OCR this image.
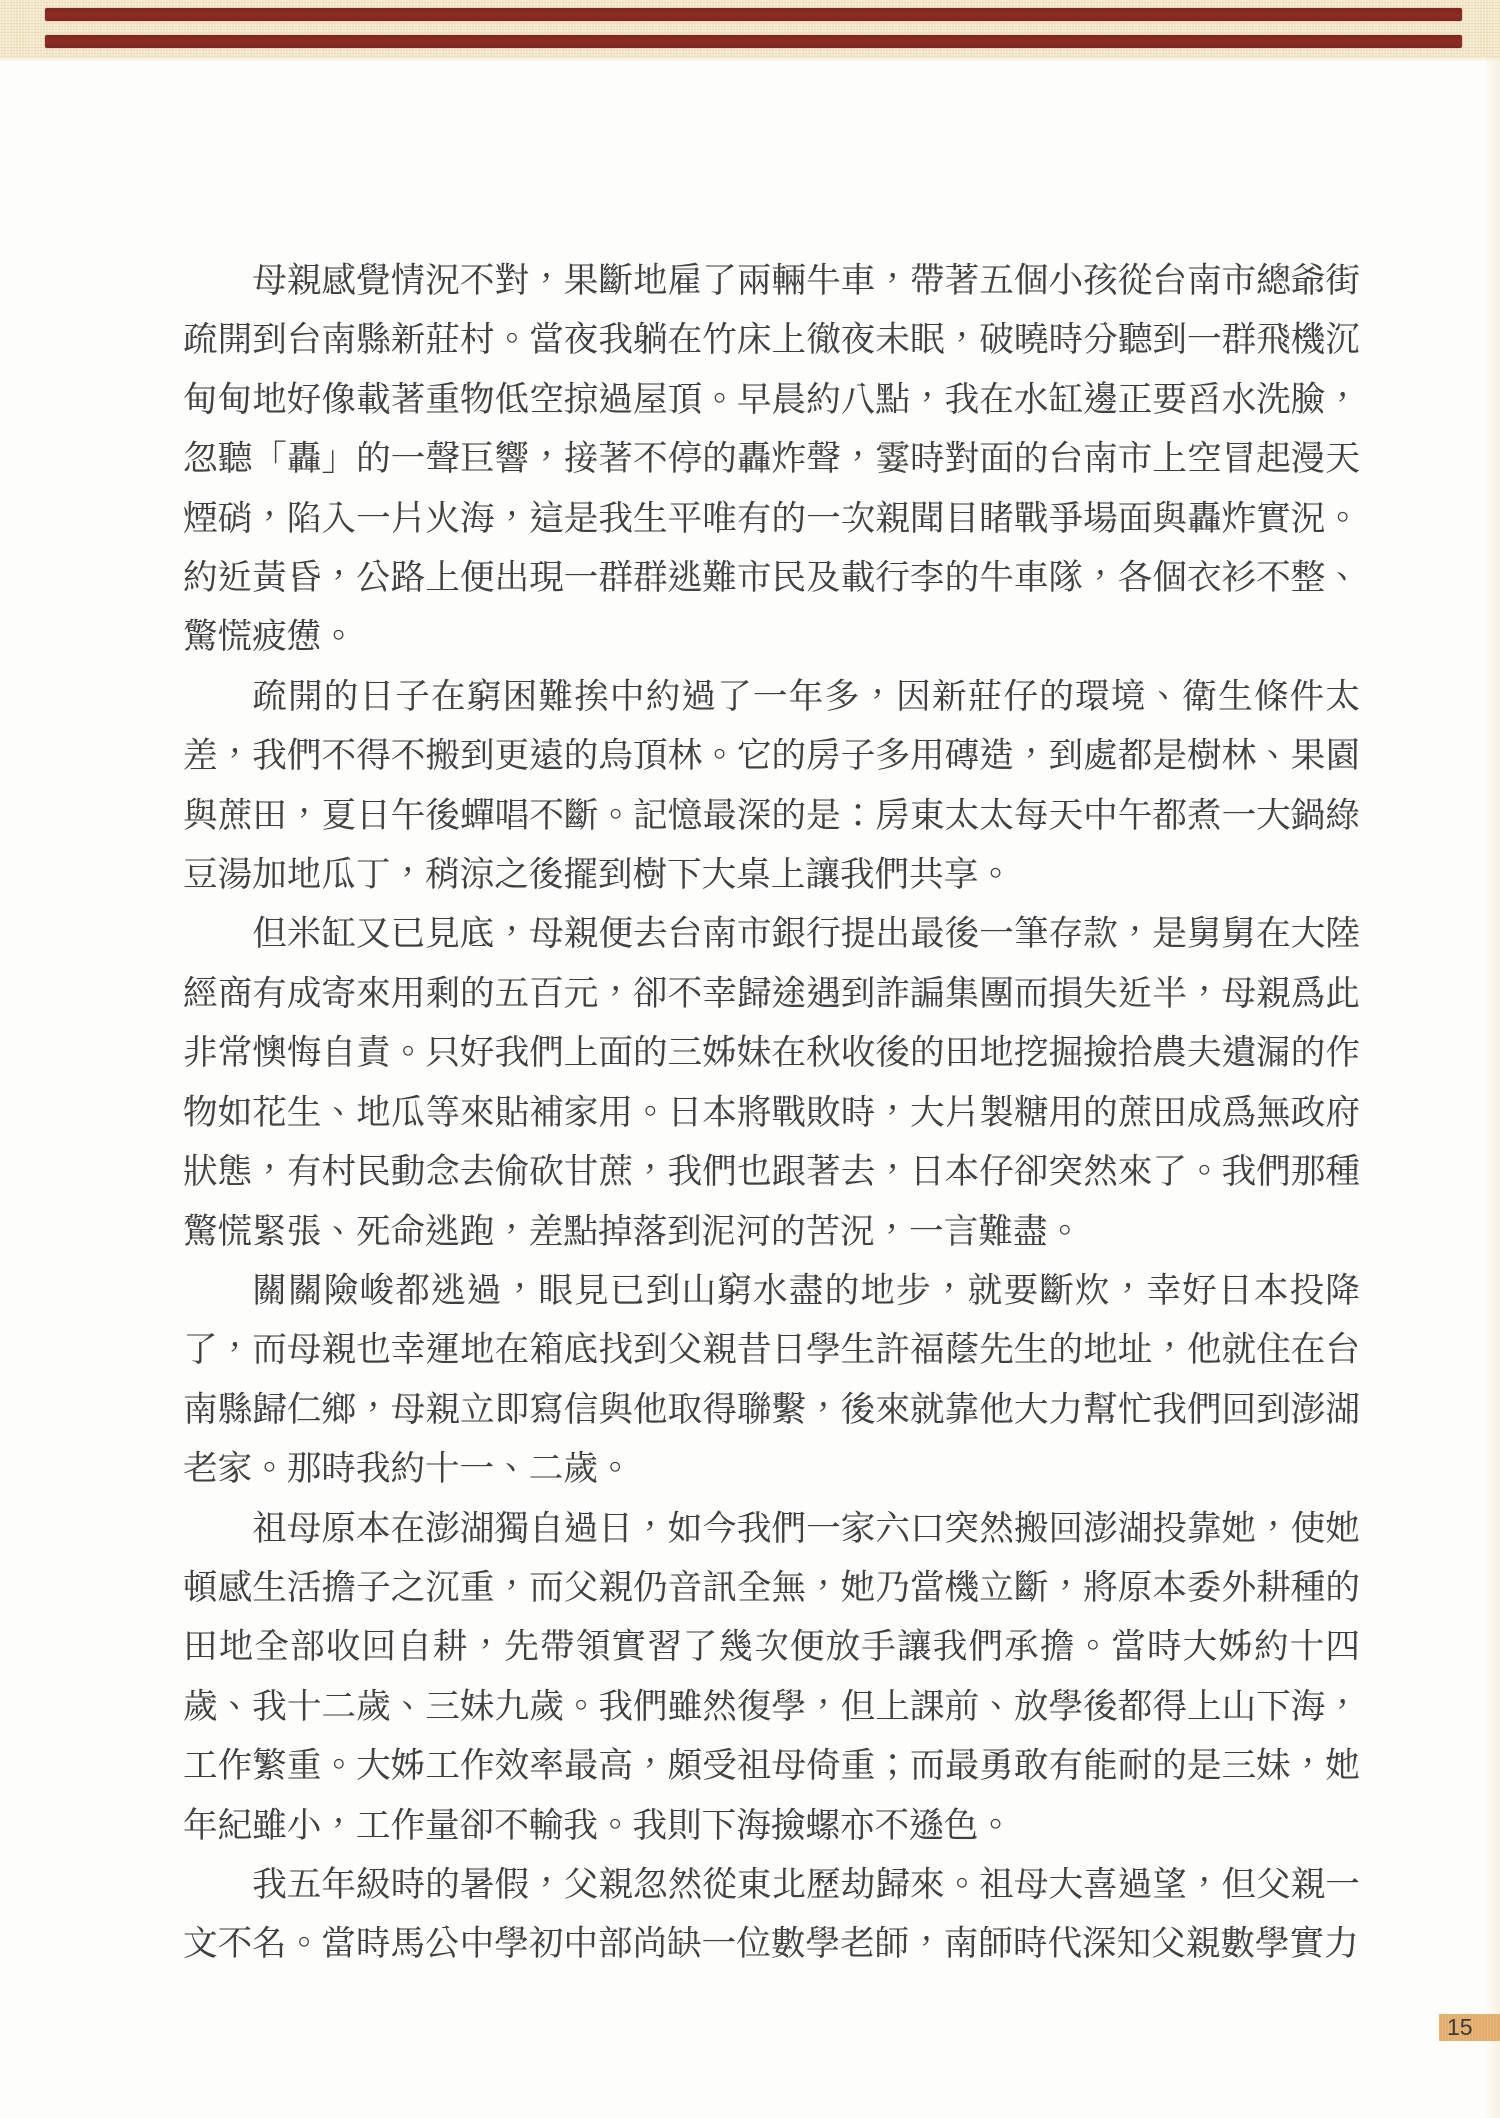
母親感覺情況不對，果斷地雇了兩輛牛車，帶著五個小孩從台南市總爺街疏開到台南縣新莊村。當夜我躺在竹床上徹夜未眠，破曉時分聽到一群飛機沉甸甸地好像載著重物低空掠過屋頂。早晨約八點，我在水缸邊正要舀水洗臉，忽聽「轟」的一聲巨響，接著不停的轟炸聲，霎時對面的台南市上空冒起漫天煙硝，陷入一片火海，這是我生平唯有的一次親聞目睹戰爭場面與轟炸實況。約近黃昏，公路上便出現一群群逃難市民及載行李的牛車隊，各個衣衫不整、驚慌疲憊。

疏開的日子在窮困難挨中約過了一年多，因新莊仔的環境、衛生條件太差，我們不得不搬到更遠的烏頂林。它的房子多用磚造，到處都是樹林、果園與蔗田，夏日午後蟬唱不斷。記憶最深的是：房東太太每天中午都煮一大鍋綠豆湯加地瓜丁，稍涼之後擺到樹下大桌上讓我們共享。

但米缸又已見底，母親便去台南市銀行提出最後一筆存款，是舅舅在大陸經商有成寄來用剩的五百元，卻不幸歸途遇到詐諞集團而損失近半，母親爲此非常懊悔自責。只好我們上面的三姊妹在秋收後的田地挖掘撿拾農夫遺漏的作物如花生、地瓜等來貼補家用。日本將戰敗時，大片製糖用的蔗田成爲無政府狀態，有村民動念去偷砍甘蔗，我們也跟著去，日本仔卻突然來了。我們那種驚慌緊張、死命逃跑，差點掉落到泥河的苦況，一言難盡。

關關險峻都逃過，眼見已到山窮水盡的地步，就要斷炊，幸好日本投降了，而母親也幸運地在箱底找到父親昔日學生許福蔭先生的地址，他就住在台南縣歸仁鄉，母親立即寫信與他取得聯繫，後來就靠他大力幫忙我們回到澎湖老家。那時我約十一、二歲。

祖母原本在澎湖獨自過日，如今我們一家六口突然搬回澎湖投靠她，使她頓感生活擔子之沉重，而父親仍音訊全無，她乃當機立斷，將原本委外耕種的田地全部收回自耕，先帶領實習了幾次便放手讓我們承擔。當時大姊約十四歲、我十二歲、三妹九歲。我們雖然復學，但上課前、放學後都得上山下海，工作繁重。大姊工作效率最高，頗受祖母倚重；而最勇敢有能耐的是三妹，她年紀雖小，工作量卻不輸我。我則下海撿螺亦不遜色。

我五年級時的暑假，父親忽然從東北歷劫歸來。祖母大喜過望，但父親一文不名。當時馬公中學初中部尚缺一位數學老師，南師時代深知父親數學實力

15
